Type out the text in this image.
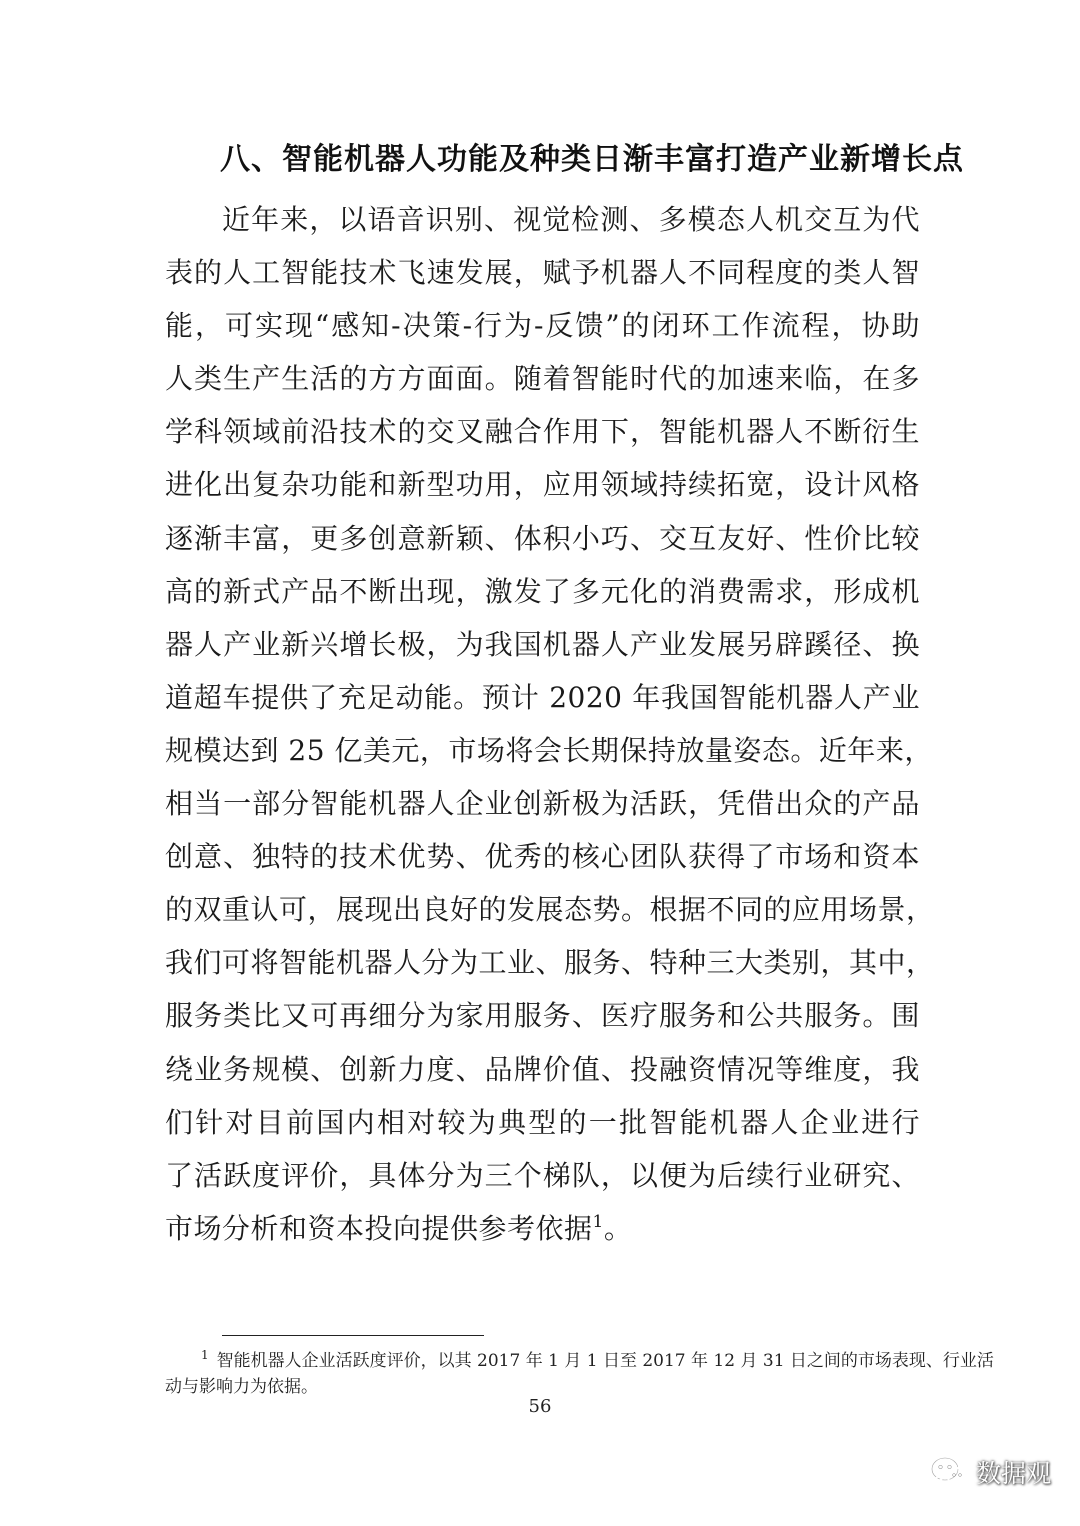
八、智能机器人功能及种类日渐丰富打造产业新增长点
近年来，以语音识别、视觉检测、多模态人机交互为代
表的人工智能技术飞速发展，赋予机器人不同程度的类人智
能，可实现“感知-决策-行为-反馈”的闭环工作流程，协助
人类生产生活的方方面面。随着智能时代的加速来临，在多
学科领域前沿技术的交叉融合作用下，智能机器人不断衍生
进化出复杂功能和新型功用，应用领域持续拓宽，设计风格
逐渐丰富，更多创意新颖、体积小巧、交互友好、性价比较
高的新式产品不断出现，激发了多元化的消费需求，形成机
器人产业新兴增长极，为我国机器人产业发展另辟蹊径、换
道超车提供了充足动能。预计 2020 年我国智能机器人产业
规模达到 25 亿美元，市场将会长期保持放量姿态。近年来，
相当一部分智能机器人企业创新极为活跃，凭借出众的产品
创意、独特的技术优势、优秀的核心团队获得了市场和资本
的双重认可，展现出良好的发展态势。根据不同的应用场景，
我们可将智能机器人分为工业、服务、特种三大类别，其中，
服务类比又可再细分为家用服务、医疗服务和公共服务。围
绕业务规模、创新力度、品牌价值、投融资情况等维度，我
们针对目前国内相对较为典型的一批智能机器人企业进行
了活跃度评价，具体分为三个梯队，以便为后续行业研究、
市场分析和资本投向提供参考依据$^1$。
$^1$ 智能机器人企业活跃度评价，以其 2017 年 1 月 1 日至 2017 年 12 月 31 日之间的市场表现、行业活
动与影响力为依据。
56
数据观
